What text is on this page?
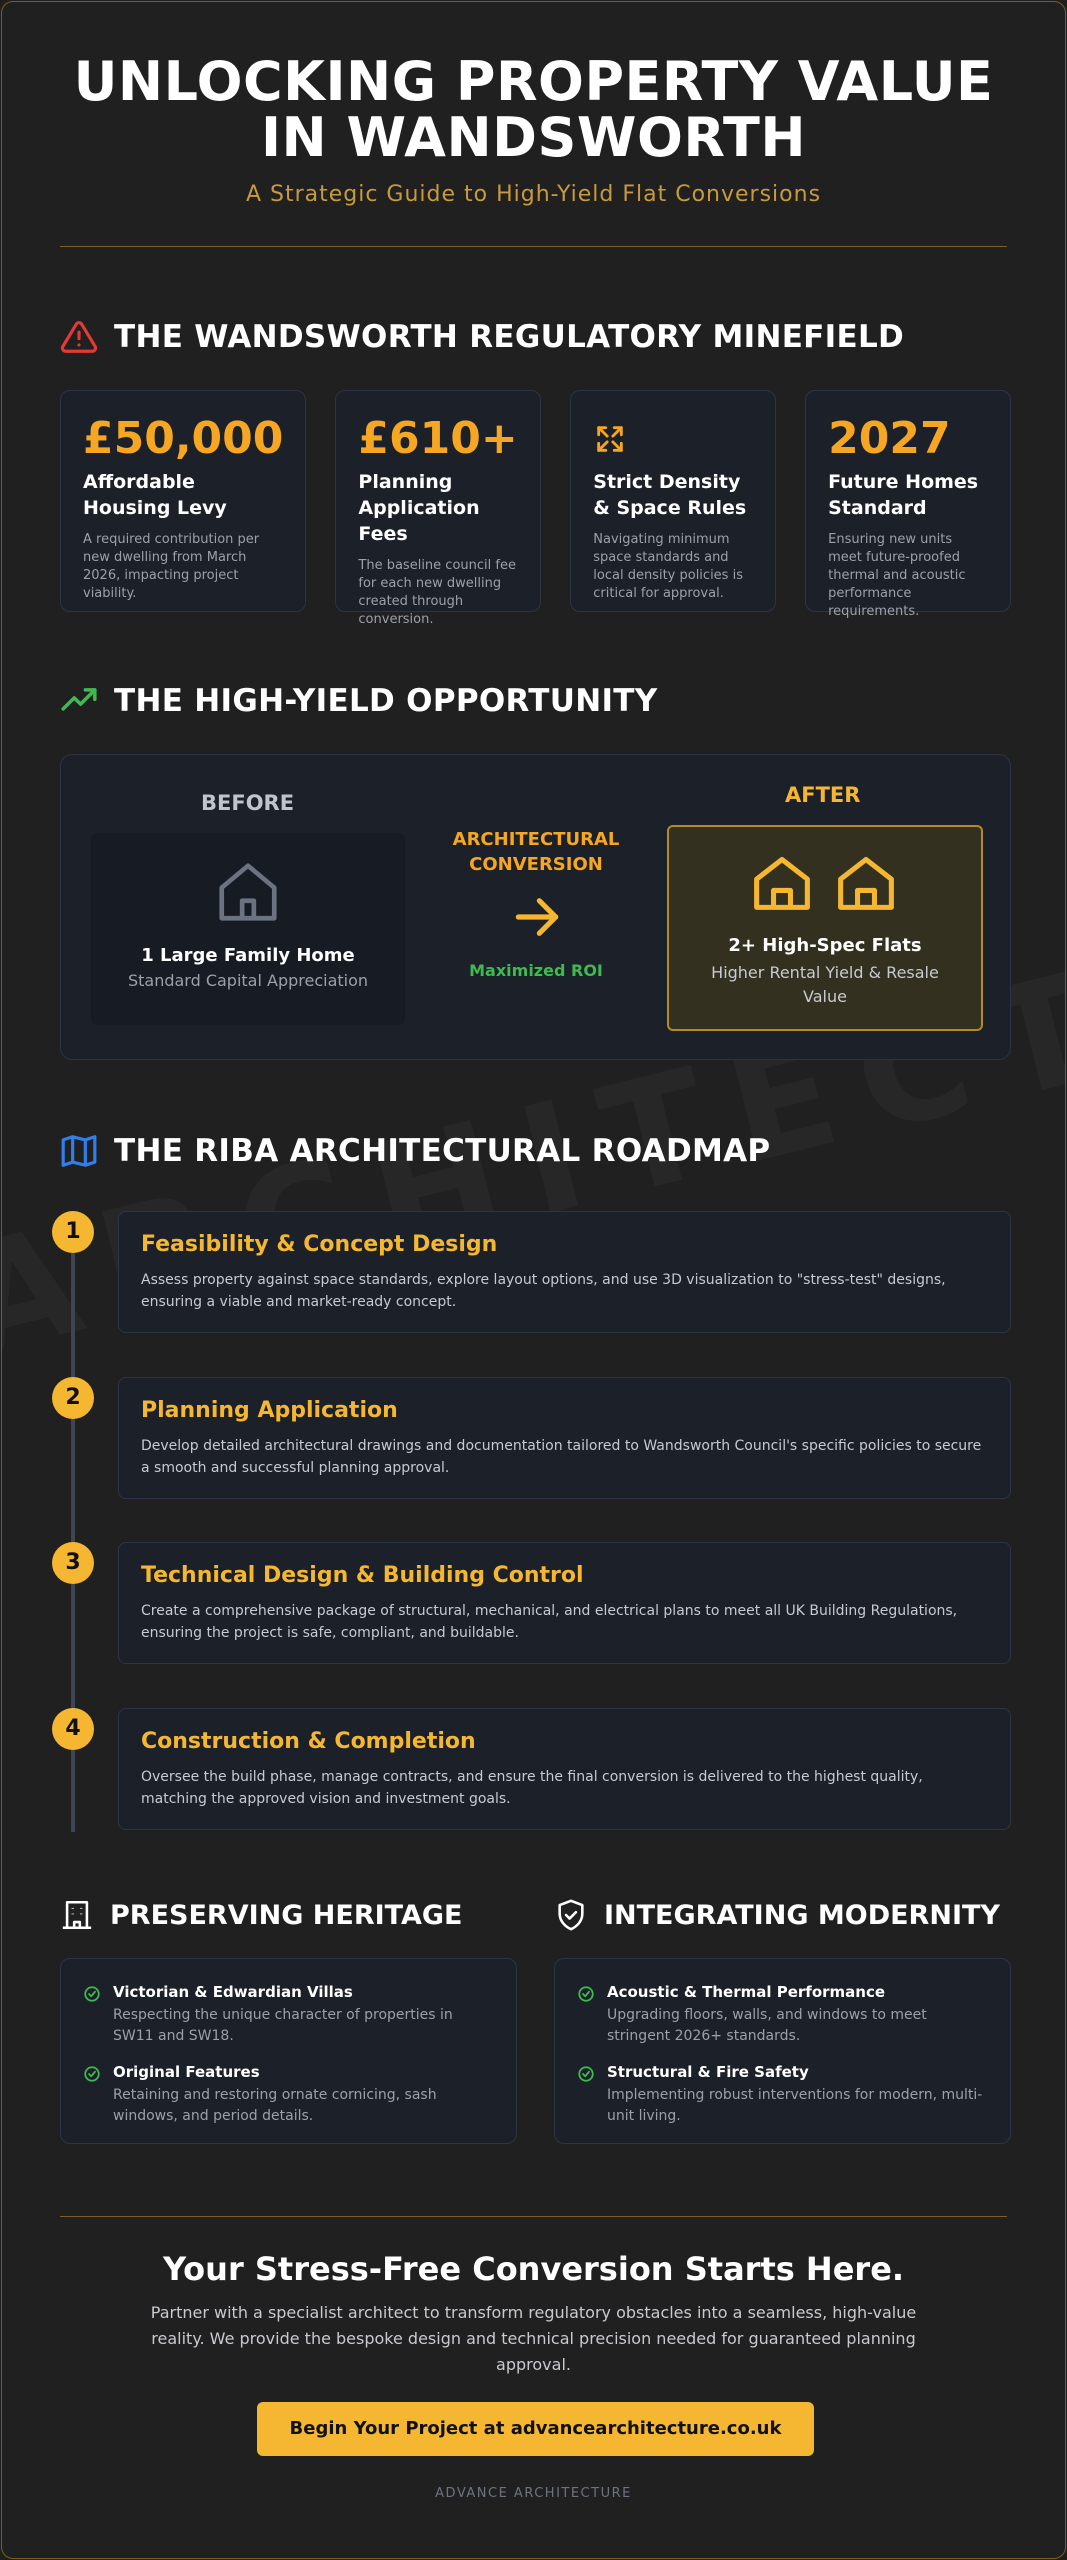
UNLOCKING PROPERTY VALUE IN WANDSWORTH
A Strategic Guide to High-Yield Flat Conversions
THE WANDSWORTH REGULATORY MINEFIELD
£50,000
Affordable Housing Levy
A required contribution per new dwelling from March 2026, impacting project viability.
£610+
Planning Application Fees
The baseline council fee for each new dwelling created through conversion.
Strict Density & Space Rules
Navigating minimum space standards and local density policies is critical for approval.
2027
Future Homes Standard
Ensuring new units meet future-proofed thermal and acoustic performance requirements.
THE HIGH-YIELD OPPORTUNITY
BEFORE
1 Large Family Home
Standard Capital Appreciation
ARCHITECTURAL CONVERSION
Maximized ROI
AFTER
2+ High-Spec Flats
Higher Rental Yield & Resale Value
THE RIBA ARCHITECTURAL ROADMAP
1
Feasibility & Concept Design
Assess property against space standards, explore layout options, and use 3D visualization to "stress-test" designs, ensuring a viable and market-ready concept.
2
Planning Application
Develop detailed architectural drawings and documentation tailored to Wandsworth Council's specific policies to secure a smooth and successful planning approval.
3
Technical Design & Building Control
Create a comprehensive package of structural, mechanical, and electrical plans to meet all UK Building Regulations, ensuring the project is safe, compliant, and buildable.
4
Construction & Completion
Oversee the build phase, manage contracts, and ensure the final conversion is delivered to the highest quality, matching the approved vision and investment goals.
PRESERVING HERITAGE
Victorian & Edwardian Villas
Respecting the unique character of properties in SW11 and SW18.
Original Features
Retaining and restoring ornate cornicing, sash windows, and period details.
INTEGRATING MODERNITY
Acoustic & Thermal Performance
Upgrading floors, walls, and windows to meet stringent 2026+ standards.
Structural & Fire Safety
Implementing robust interventions for modern, multi-unit living.
Your Stress-Free Conversion Starts Here.
Partner with a specialist architect to transform regulatory obstacles into a seamless, high-value reality. We provide the bespoke design and technical precision needed for guaranteed planning approval.
Begin Your Project at advancearchitecture.co.uk
ADVANCE ARCHITECTURE
